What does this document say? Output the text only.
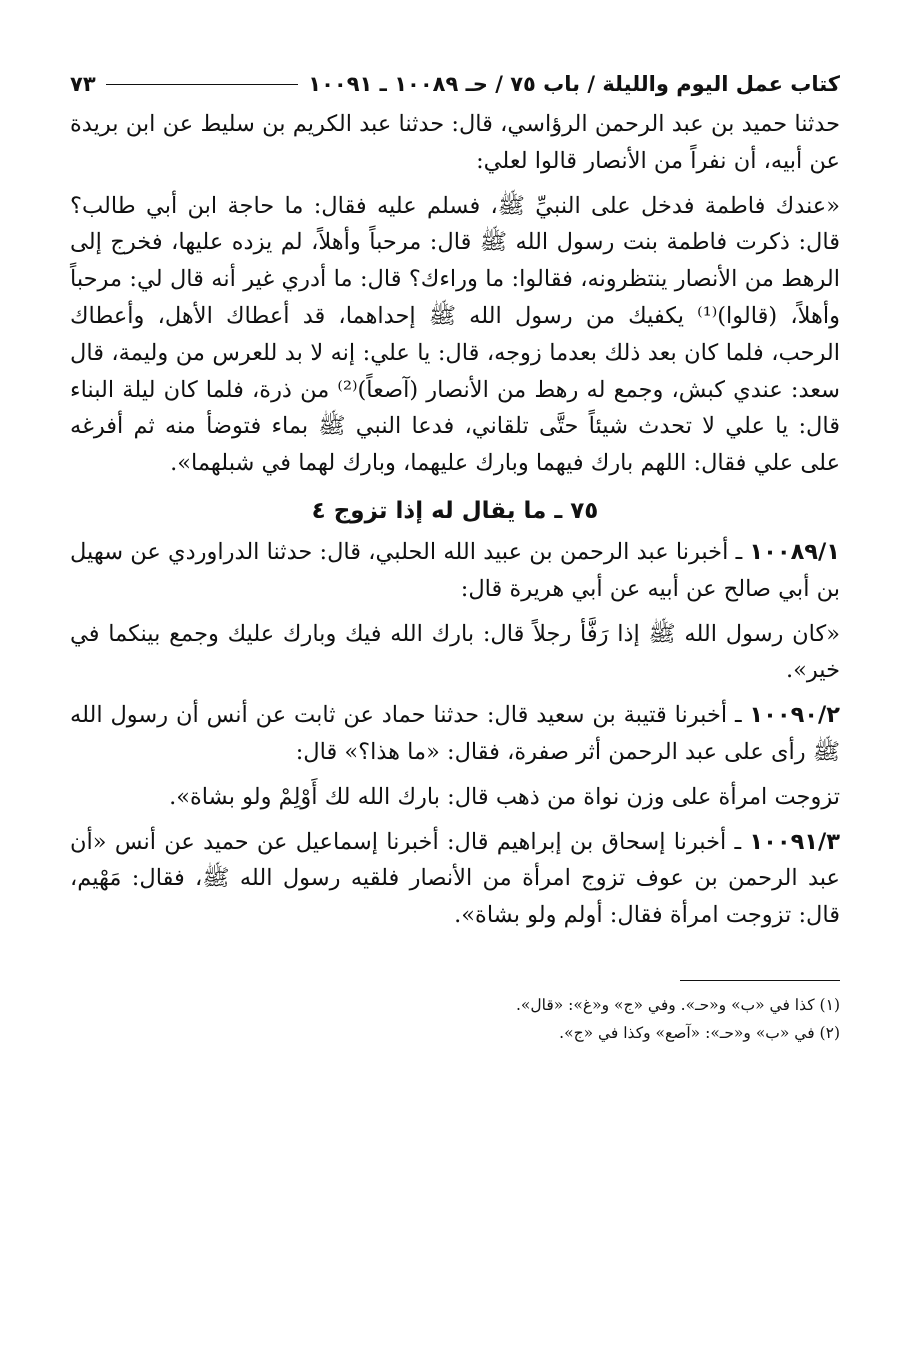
كتاب عمل اليوم والليلة / باب ٧٥ / حـ ١٠٠٨٩ ـ ١٠٠٩١
٧٣

حدثنا حميد بن عبد الرحمن الرؤاسي، قال: حدثنا عبد الكريم بن سليط عن ابن بريدة عن أبيه، أن نفراً من الأنصار قالوا لعلي:

«عندك فاطمة فدخل على النبيِّ ﷺ، فسلم عليه فقال: ما حاجة ابن أبي طالب؟ قال: ذكرت فاطمة بنت رسول الله ﷺ قال: مرحباً وأهلاً، لم يزده عليها، فخرج إلى الرهط من الأنصار ينتظرونه، فقالوا: ما وراءك؟ قال: ما أدري غير أنه قال لي: مرحباً وأهلاً، (قالوا)⁽¹⁾ يكفيك من رسول الله ﷺ إحداهما، قد أعطاك الأهل، وأعطاك الرحب، فلما كان بعد ذلك بعدما زوجه، قال: يا علي: إنه لا بد للعرس من وليمة، قال سعد: عندي كبش، وجمع له رهط من الأنصار (آصعاً)⁽²⁾ من ذرة، فلما كان ليلة البناء قال: يا علي لا تحدث شيئاً حتَّى تلقاني، فدعا النبي ﷺ بماء فتوضأ منه ثم أفرغه على علي فقال: اللهم بارك فيهما وبارك عليهما، وبارك لهما في شبلهما».

٧٥ ـ ما يقال له إذا تزوج ٤

١٠٠٨٩/١ ـ أخبرنا عبد الرحمن بن عبيد الله الحلبي، قال: حدثنا الدراوردي عن سهيل بن أبي صالح عن أبيه عن أبي هريرة قال:

«كان رسول الله ﷺ إذا رَفَّأ رجلاً قال: بارك الله فيك وبارك عليك وجمع بينكما في خير».

١٠٠٩٠/٢ ـ أخبرنا قتيبة بن سعيد قال: حدثنا حماد عن ثابت عن أنس أن رسول الله ﷺ رأى على عبد الرحمن أثر صفرة، فقال: «ما هذا؟» قال:

تزوجت امرأة على وزن نواة من ذهب قال: بارك الله لك أَوْلِمْ ولو بشاة».

١٠٠٩١/٣ ـ أخبرنا إسحاق بن إبراهيم قال: أخبرنا إسماعيل عن حميد عن أنس «أن عبد الرحمن بن عوف تزوج امرأة من الأنصار فلقيه رسول الله ﷺ، فقال: مَهْيم، قال: تزوجت امرأة فقال: أولم ولو بشاة».

(١) كذا في «ب» و«حـ». وفي «ج» و«غ»: «قال».

(٢) في «ب» و«حـ»: «آصع» وكذا في «ج».
